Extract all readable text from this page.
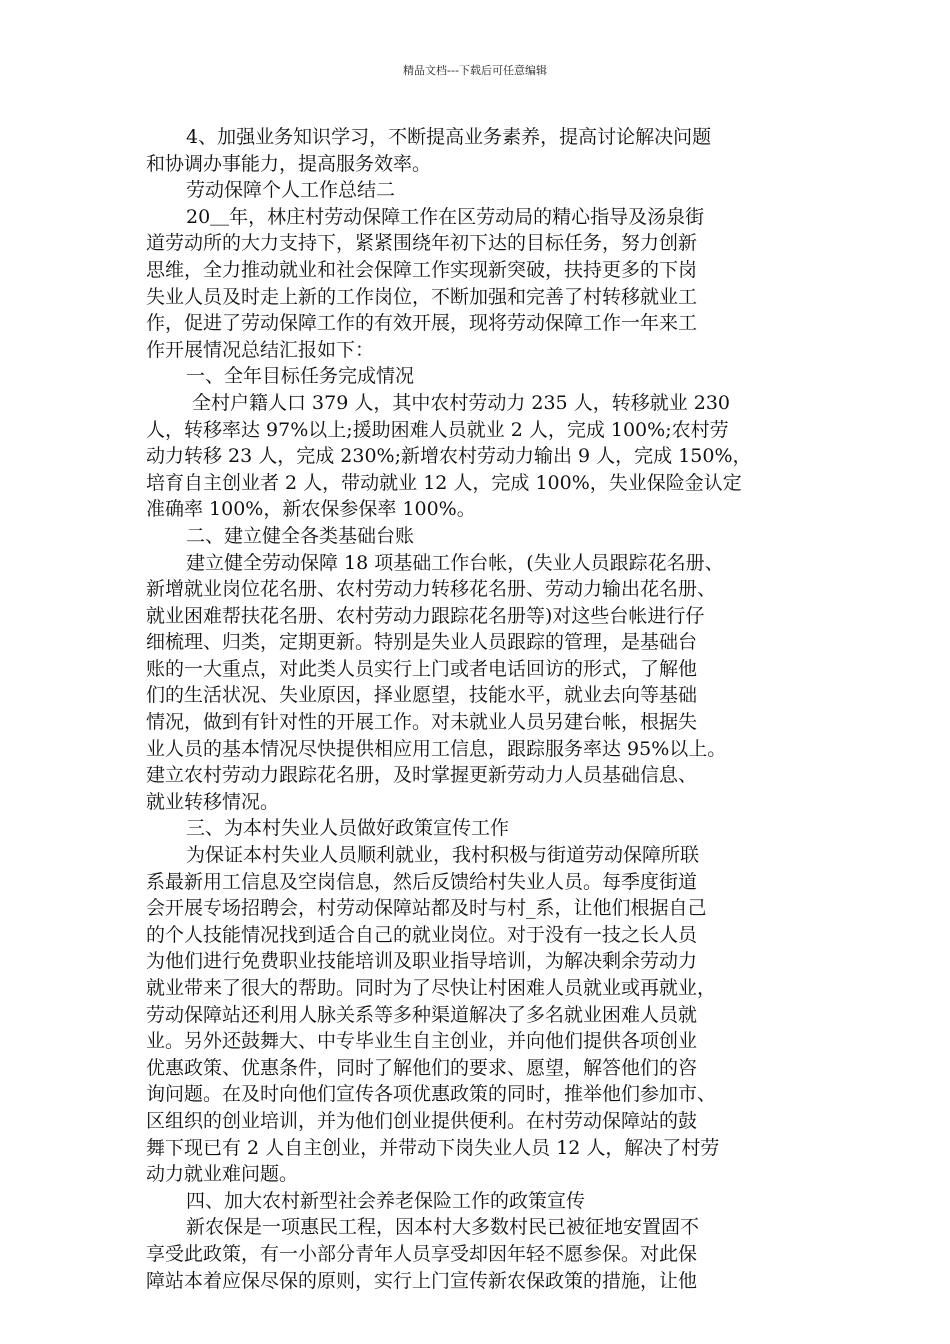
精品文档---下载后可任意编辑
4、加强业务知识学习，不断提高业务素养，提高讨论解决问题
和协调办事能力，提高服务效率。
劳动保障个人工作总结二
20＿年，林庄村劳动保障工作在区劳动局的精心指导及汤泉街
道劳动所的大力支持下，紧紧围绕年初下达的目标任务，努力创新
思维，全力推动就业和社会保障工作实现新突破，扶持更多的下岗
失业人员及时走上新的工作岗位，不断加强和完善了村转移就业工
作，促进了劳动保障工作的有效开展，现将劳动保障工作一年来工
作开展情况总结汇报如下：
一、全年目标任务完成情况
全村户籍人口 379 人，其中农村劳动力 235 人，转移就业 230
人，转移率达 97%以上;援助困难人员就业 2 人，完成 100%;农村劳
动力转移 23 人，完成 230%;新增农村劳动力输出 9 人，完成 150%，
培育自主创业者 2 人，带动就业 12 人，完成 100%，失业保险金认定
准确率 100%，新农保参保率 100%。
二、建立健全各类基础台账
建立健全劳动保障 18 项基础工作台帐，(失业人员跟踪花名册、
新增就业岗位花名册、农村劳动力转移花名册、劳动力输出花名册、
就业困难帮扶花名册、农村劳动力跟踪花名册等)对这些台帐进行仔
细梳理、归类，定期更新。特别是失业人员跟踪的管理，是基础台
账的一大重点，对此类人员实行上门或者电话回访的形式，了解他
们的生活状况、失业原因，择业愿望，技能水平，就业去向等基础
情况，做到有针对性的开展工作。对未就业人员另建台帐，根据失
业人员的基本情况尽快提供相应用工信息，跟踪服务率达 95%以上。
建立农村劳动力跟踪花名册，及时掌握更新劳动力人员基础信息、
就业转移情况。
三、为本村失业人员做好政策宣传工作
为保证本村失业人员顺利就业，我村积极与街道劳动保障所联
系最新用工信息及空岗信息，然后反馈给村失业人员。每季度街道
会开展专场招聘会，村劳动保障站都及时与村_系，让他们根据自己
的个人技能情况找到适合自己的就业岗位。对于没有一技之长人员
为他们进行免费职业技能培训及职业指导培训，为解决剩余劳动力
就业带来了很大的帮助。同时为了尽快让村困难人员就业或再就业，
劳动保障站还利用人脉关系等多种渠道解决了多名就业困难人员就
业。另外还鼓舞大、中专毕业生自主创业，并向他们提供各项创业
优惠政策、优惠条件，同时了解他们的要求、愿望，解答他们的咨
询问题。在及时向他们宣传各项优惠政策的同时，推举他们参加市、
区组织的创业培训，并为他们创业提供便利。在村劳动保障站的鼓
舞下现已有 2 人自主创业，并带动下岗失业人员 12 人，解决了村劳
动力就业难问题。
四、加大农村新型社会养老保险工作的政策宣传
新农保是一项惠民工程，因本村大多数村民已被征地安置固不
享受此政策，有一小部分青年人员享受却因年轻不愿参保。对此保
障站本着应保尽保的原则，实行上门宣传新农保政策的措施，让他
